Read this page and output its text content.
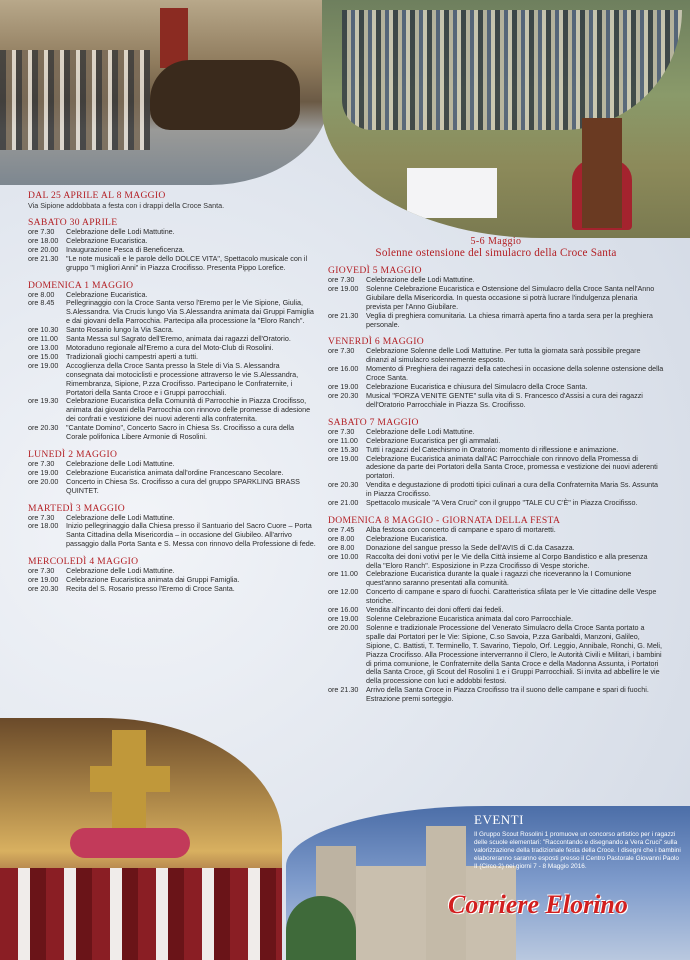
DAL 25 APRILE AL 8 MAGGIO
Via Sipione addobbata a festa con i drappi della Croce Santa.
SABATO 30 APRILE
ore 7.30	Celebrazione delle Lodi Mattutine.
ore 18.00	Celebrazione Eucaristica.
ore 20.00	Inaugurazione Pesca di Beneficenza.
ore 21.30	"Le note musicali e le parole dello DOLCE VITA", Spettacolo musicale con il gruppo "I migliori Anni" in Piazza Crocifisso. Presenta Pippo Lorefice.
DOMENICA 1 MAGGIO
ore 8.00	Celebrazione Eucaristica.
ore 8.45	Pellegrinaggio con la Croce Santa verso l'Eremo per le Vie Sipione, Giulia, S.Alessandra. Via Crucis lungo Via S.Alessandra animata dai Gruppi Famiglia e dai giovani della Parrocchia. Partecipa alla processione la "Eloro Ranch".
ore 10.30	Santo Rosario lungo la Via Sacra.
ore 11.00	Santa Messa sul Sagrato dell'Eremo, animata dai ragazzi dell'Oratorio.
ore 13.00	Motoraduno regionale all'Eremo a cura del Moto-Club di Rosolini.
ore 15.00	Tradizionali giochi campestri aperti a tutti.
ore 19.00	Accoglienza della Croce Santa presso la Stele di Via S. Alessandra consegnata dai motociclisti e processione attraverso le vie S.Alessandra, Rimembranza, Sipione, P.zza Crocifisso. Partecipano le Confraternite, i Portatori della Santa Croce e i Gruppi parrocchiali.
ore 19.30	Celebrazione Eucaristica della Comunità di Parrocchie in Piazza Crocifisso, animata dai giovani della Parrocchia con rinnovo delle promesse di adesione dei confrati e vestizione dei nuovi aderenti alla confraternita.
ore 20.30	"Cantate Domino", Concerto Sacro in Chiesa Ss. Crocifisso a cura della Corale polifonica Libere Armonie di Rosolini.
LUNEDÌ 2 MAGGIO
ore 7.30	Celebrazione delle Lodi Mattutine.
ore 19.00	Celebrazione Eucaristica animata dall'ordine Francescano Secolare.
ore 20.00	Concerto in Chiesa Ss. Crocifisso a cura del gruppo SPARKLING BRASS QUINTET.
MARTEDÌ 3 MAGGIO
ore 7.30	Celebrazione delle Lodi Mattutine.
ore 18.00	Inizio pellegrinaggio dalla Chiesa presso il Santuario del Sacro Cuore – Porta Santa Cittadina della Misericordia – in occasione del Giubileo. All'arrivo passaggio dalla Porta Santa e S. Messa con rinnovo della Professione di fede.
MERCOLEDÌ 4 MAGGIO
ore 7.30	Celebrazione delle Lodi Mattutine.
ore 19.00	Celebrazione Eucaristica animata dai Gruppi Famiglia.
ore 20.30	Recita del S. Rosario presso l'Eremo di Croce Santa.
5-6 Maggio
Solenne ostensione del simulacro della Croce Santa
GIOVEDÌ 5 MAGGIO
ore 7.30	Celebrazione delle Lodi Mattutine.
ore 19.00	Solenne Celebrazione Eucaristica e Ostensione del Simulacro della Croce Santa nell'Anno Giubilare della Misericordia. In questa occasione si potrà lucrare l'indulgenza plenaria prevista per l'Anno Giubilare.
ore 21.30	Veglia di preghiera comunitaria. La chiesa rimarrà aperta fino a tarda sera per la preghiera personale.
VENERDÌ 6 MAGGIO
ore 7.30	Celebrazione Solenne delle Lodi Mattutine. Per tutta la giornata sarà possibile pregare dinanzi al simulacro solennemente esposto.
ore 16.00	Momento di Preghiera dei ragazzi della catechesi in occasione della solenne ostensione della Croce Santa.
ore 19.00	Celebrazione Eucaristica e chiusura del Simulacro della Croce Santa.
ore 20.30	Musical "FORZA VENITE GENTE" sulla vita di S. Francesco d'Assisi a cura dei ragazzi dell'Oratorio Parrocchiale in Piazza Ss. Crocifisso.
SABATO 7 MAGGIO
ore 7.30	Celebrazione delle Lodi Mattutine.
ore 11.00	Celebrazione Eucaristica per gli ammalati.
ore 15.30	Tutti i ragazzi del Catechismo in Oratorio: momento di riflessione e animazione.
ore 19.00	Celebrazione Eucaristica animata dall'AC Parrocchiale con rinnovo della Promessa di adesione da parte dei Portatori della Santa Croce, promessa e vestizione dei nuovi aderenti portatori.
ore 20.30	Vendita e degustazione di prodotti tipici culinari a cura della Confraternita Maria Ss. Assunta in Piazza Crocifisso.
ore 21.00	Spettacolo musicale "A Vera Cruci" con il gruppo "TALE CU C'È" in Piazza Crocifisso.
DOMENICA 8 MAGGIO - GIORNATA DELLA FESTA
ore 7.45	Alba festosa con concerto di campane e sparo di mortaretti.
ore 8.00	Celebrazione Eucaristica.
ore 8.00	Donazione del sangue presso la Sede dell'AVIS di C.da Casazza.
ore 10.00	Raccolta dei doni votivi per le Vie della Città insieme al Corpo Bandistico e alla presenza della "Eloro Ranch". Esposizione in P.zza Crocifisso di Vespe storiche.
ore 11.00	Celebrazione Eucaristica durante la quale i ragazzi che riceveranno la I Comunione quest'anno saranno presentati alla comunità.
ore 12.00	Concerto di campane e sparo di fuochi. Caratteristica sfilata per le Vie cittadine delle Vespe storiche.
ore 16.00	Vendita all'incanto dei doni offerti dai fedeli.
ore 19.00	Solenne Celebrazione Eucaristica animata dal coro Parrocchiale.
ore 20.00	Solenne e tradizionale Processione del Venerato Simulacro della Croce Santa portato a spalle dai Portatori per le Vie: Sipione, C.so Savoia, P.zza Garibaldi, Manzoni, Galileo, Sipione, C. Battisti, T. Terminello, T. Savarino, Tiepolo, Orf. Leggio, Annibale, Ronchi, G. Meli, Piazza Crocifisso. Alla Processione interverranno il Clero, le Autorità Civili e Militari, i bambini di prima comunione, le Confraternite della Santa Croce e della Madonna Assunta, i Portatori della Santa Croce, gli Scout del Rosolini 1 e i Gruppi Parrocchiali. Si invita ad abbellire le vie della processione con luci e addobbi festosi.
ore 21.30	Arrivo della Santa Croce in Piazza Crocifisso tra il suono delle campane e spari di fuochi. Estrazione premi sorteggio.
EVENTI
Il Gruppo Scout Rosolini 1 promuove un concorso artistico per i ragazzi delle scuole elementari: "Raccontando e disegnando a Vera Cruci" sulla valorizzazione della tradizionale festa della Croce. I disegni che i bambini elaboreranno saranno esposti presso il Centro Pastorale Giovanni Paolo II (Circo 2) nei giorni 7 - 8 Maggio 2016.
Corriere Elorino
